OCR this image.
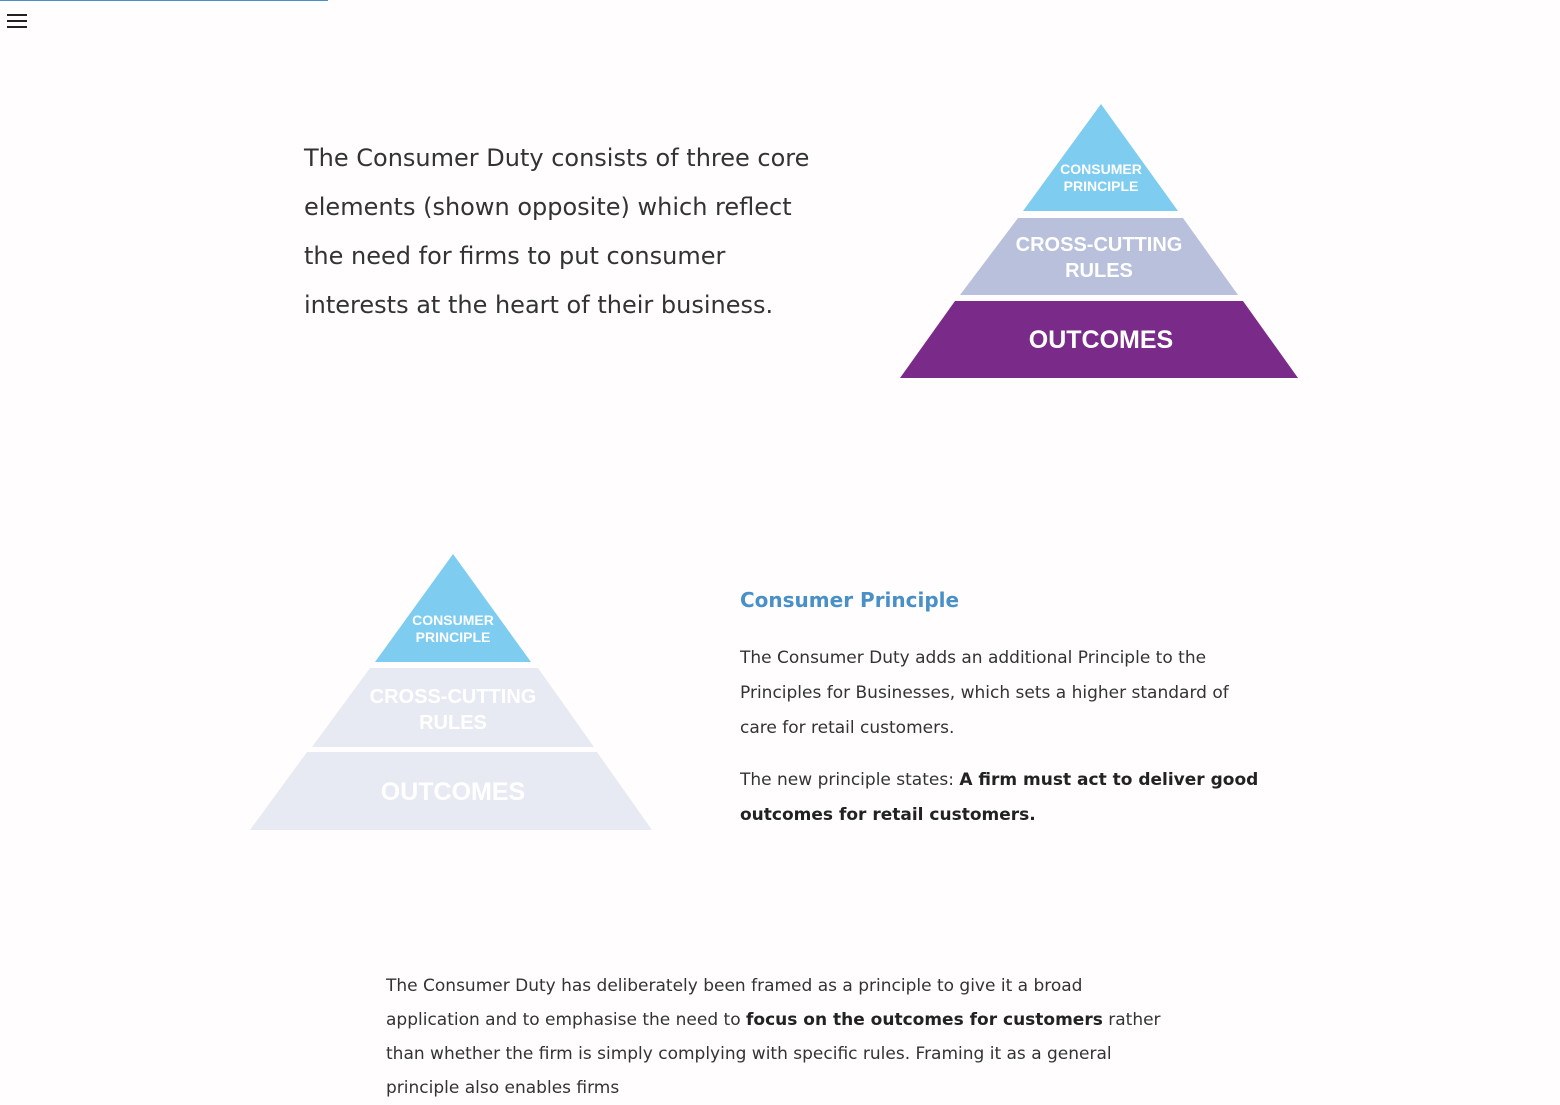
The Consumer Duty consists of three core elements (shown opposite) which reflect the need for firms to put consumer interests at the heart of their business.

CONSUMER
PRINCIPLE
CROSS-CUTTING
RULES
OUTCOMES
CONSUMER
PRINCIPLE
CROSS-CUTTING
RULES
OUTCOMES
Consumer Principle

The Consumer Duty adds an additional Principle to the Principles for Businesses, which sets a higher standard of care for retail customers.

The new principle states: A firm must act to deliver good outcomes for retail customers.

The Consumer Duty has deliberately been framed as a principle to give it a broad application and to emphasise the need to focus on the outcomes for customers rather than whether the firm is simply complying with specific rules. Framing it as a general principle also enables firms
